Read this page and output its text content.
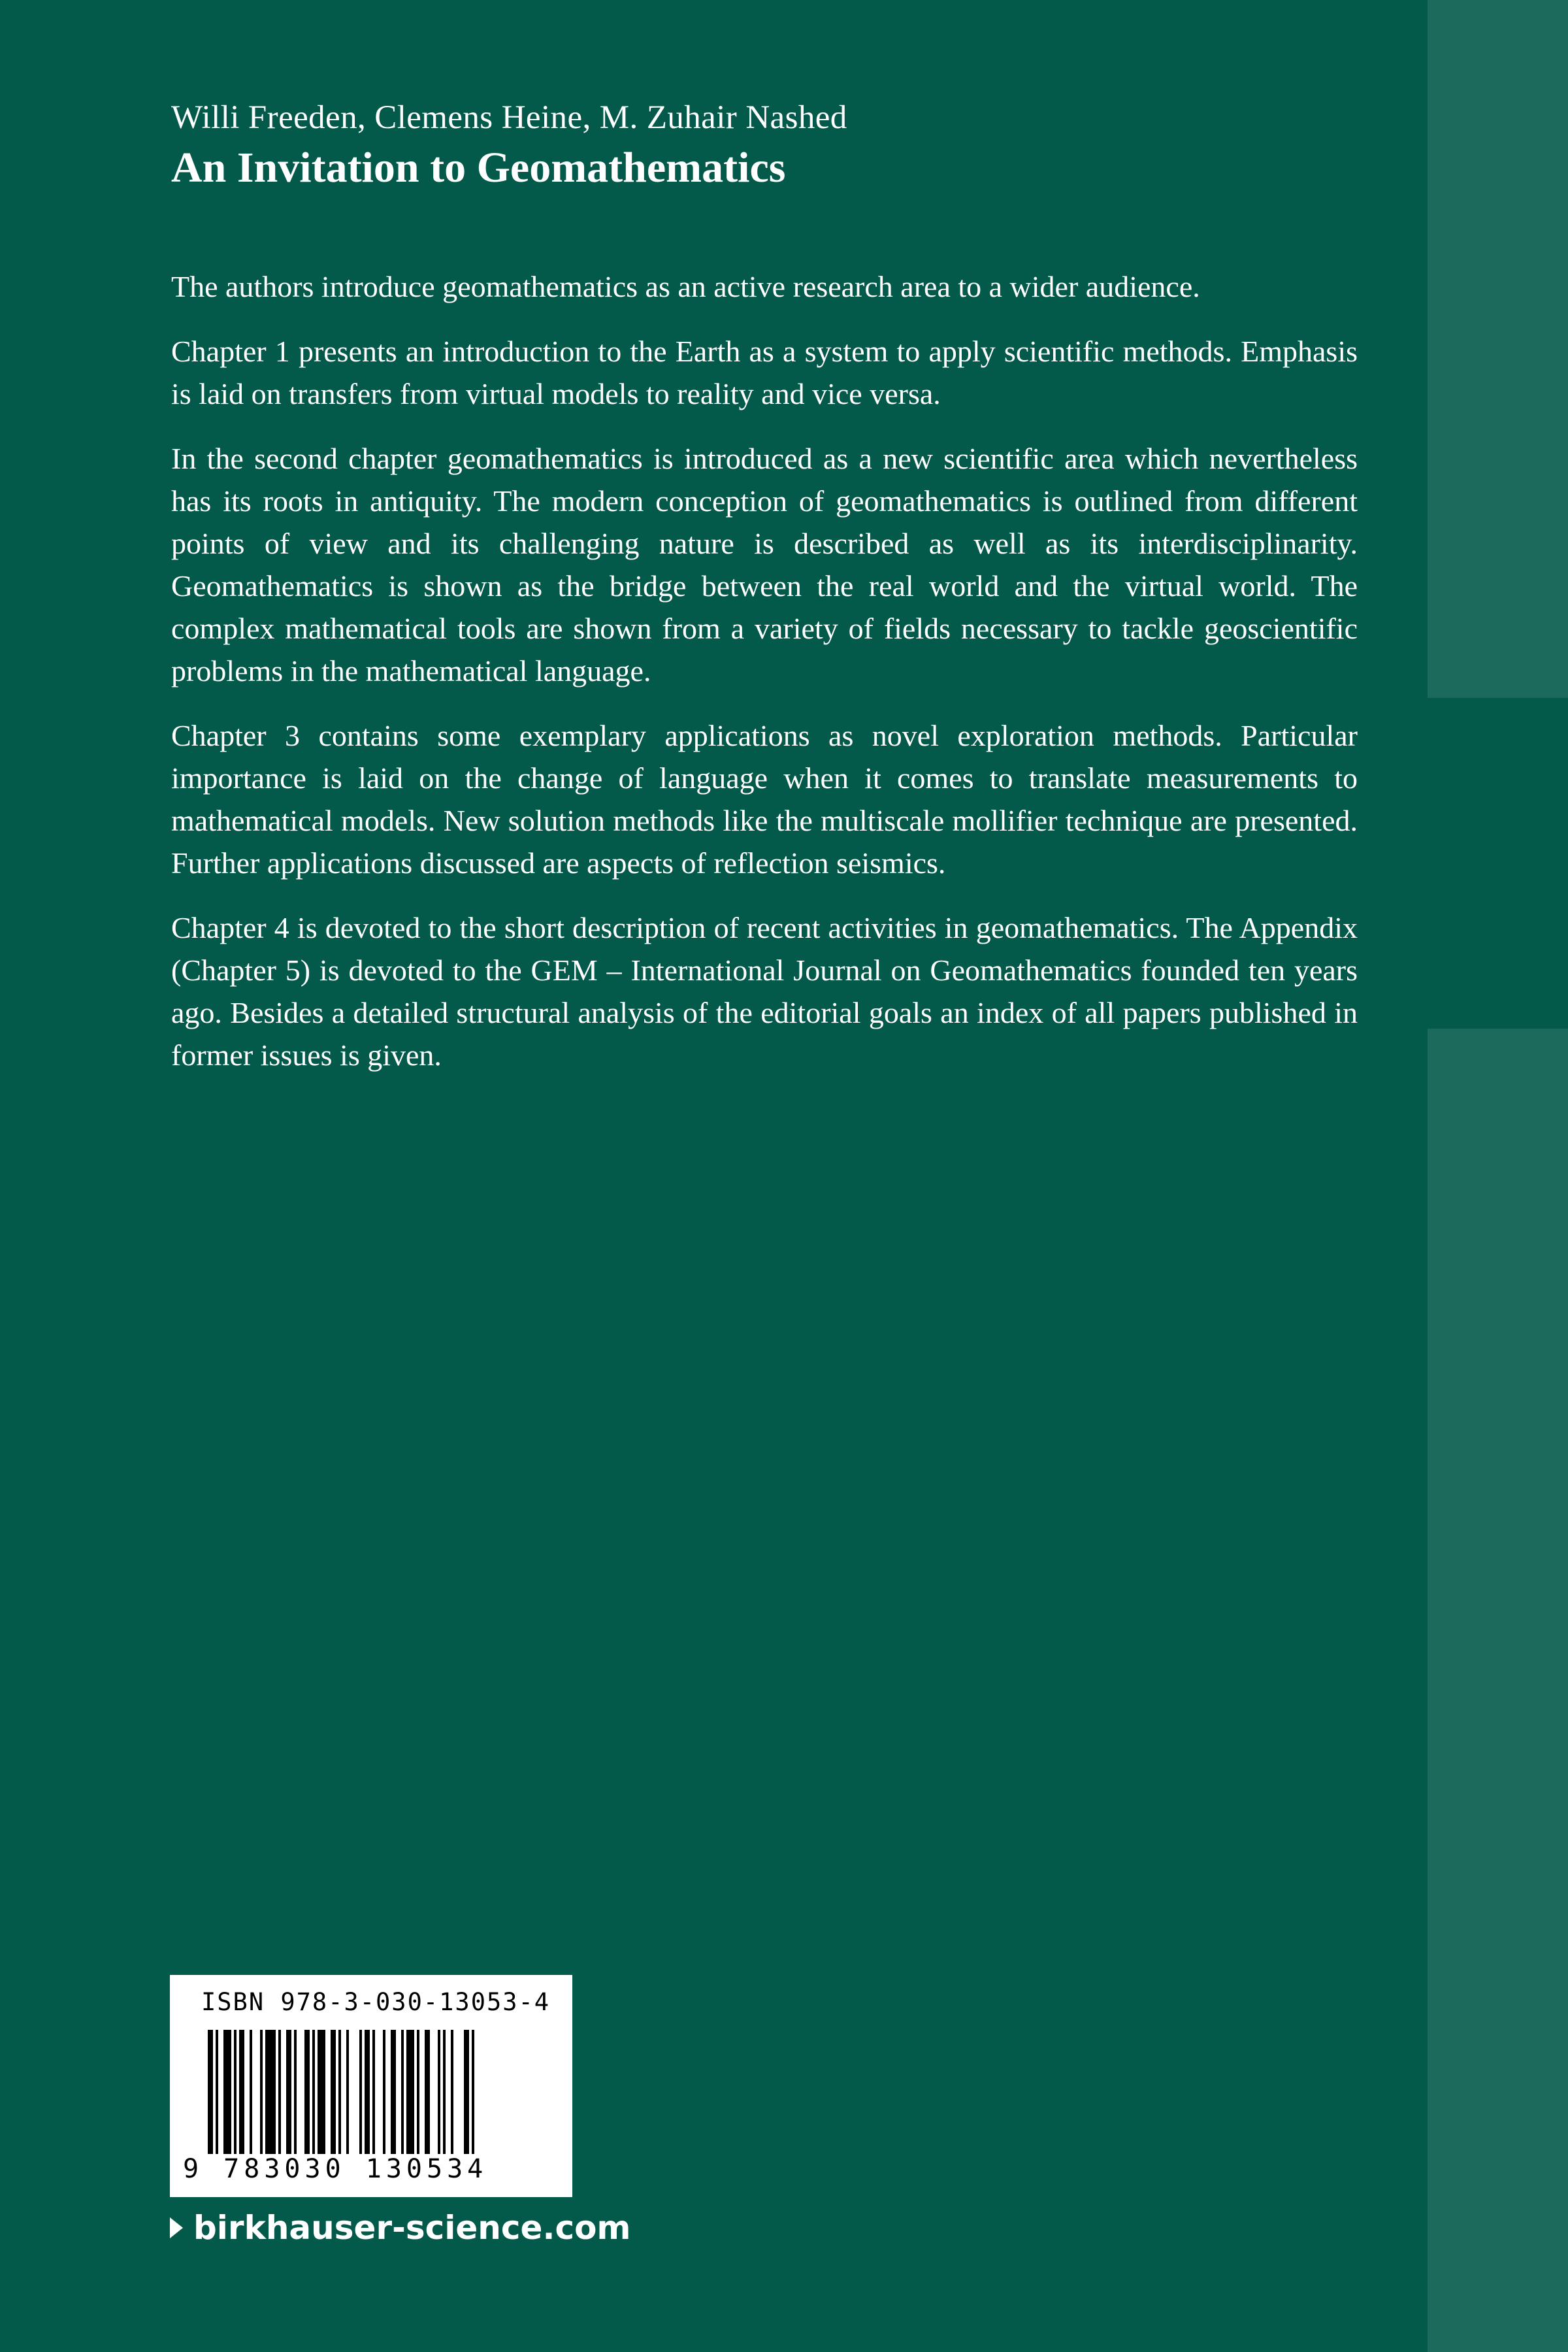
Willi Freeden, Clemens Heine, M. Zuhair Nashed

An Invitation to Geomathematics

The authors introduce geomathematics as an active research area to a wider audience.

Chapter 1 presents an introduction to the Earth as a system to apply scientific methods. Emphasis is laid on transfers from virtual models to reality and vice versa.

In the second chapter geomathematics is introduced as a new scientific area which nevertheless has its roots in antiquity. The modern conception of geomathematics is outlined from different points of view and its challenging nature is described as well as its interdisciplinarity. Geomathematics is shown as the bridge between the real world and the virtual world. The complex mathematical tools are shown from a variety of fields necessary to tackle geoscientific problems in the mathematical language.

Chapter 3 contains some exemplary applications as novel exploration methods. Particular importance is laid on the change of language when it comes to translate measurements to mathematical models. New solution methods like the multiscale mollifier technique are presented. Further applications discussed are aspects of reflection seismics.

Chapter 4 is devoted to the short description of recent activities in geomathematics. The Appendix (Chapter 5) is devoted to the GEM – International Journal on Geomathematics founded ten years ago. Besides a detailed structural analysis of the editorial goals an index of all papers published in former issues is given.

ISBN 978-3-030-13053-4
9 783030 130534
birkhauser-science.com
